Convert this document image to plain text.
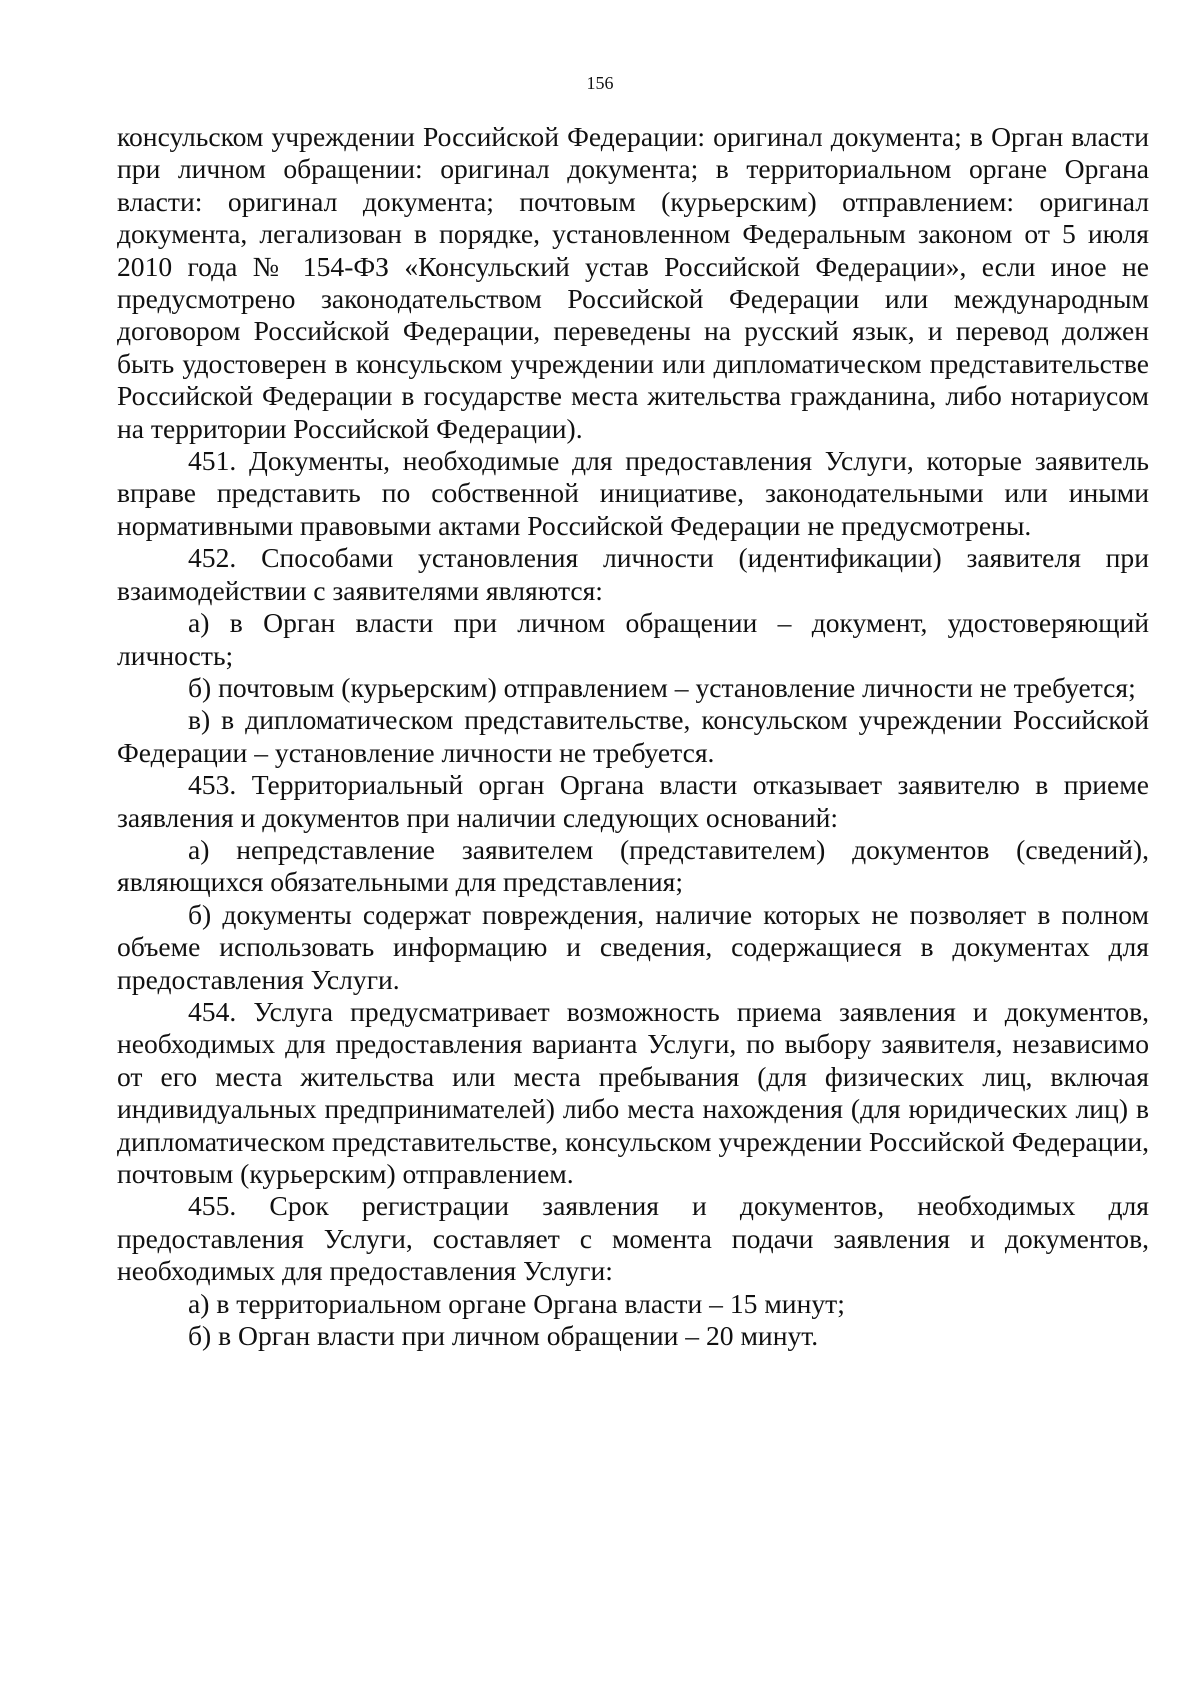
156

консульском учреждении Российской Федерации: оригинал документа; в Орган власти при личном обращении: оригинал документа; в территориальном органе Органа власти: оригинал документа; почтовым (курьерским) отправлением: оригинал документа, легализован в порядке, установленном Федеральным законом от 5 июля 2010 года № 154-ФЗ «Консульский устав Российской Федерации», если иное не предусмотрено законодательством Российской Федерации или международным договором Российской Федерации, переведены на русский язык, и перевод должен быть удостоверен в консульском учреждении или дипломатическом представительстве Российской Федерации в государстве места жительства гражданина, либо нотариусом на территории Российской Федерации).

451. Документы, необходимые для предоставления Услуги, которые заявитель вправе представить по собственной инициативе, законодательными или иными нормативными правовыми актами Российской Федерации не предусмотрены.

452. Способами установления личности (идентификации) заявителя при взаимодействии с заявителями являются:

а) в Орган власти при личном обращении – документ, удостоверяющий личность;

б) почтовым (курьерским) отправлением – установление личности не требуется;

в) в дипломатическом представительстве, консульском учреждении Российской Федерации – установление личности не требуется.

453. Территориальный орган Органа власти отказывает заявителю в приеме заявления и документов при наличии следующих оснований:

а) непредставление заявителем (представителем) документов (сведений), являющихся обязательными для представления;

б) документы содержат повреждения, наличие которых не позволяет в полном объеме использовать информацию и сведения, содержащиеся в документах для предоставления Услуги.

454. Услуга предусматривает возможность приема заявления и документов, необходимых для предоставления варианта Услуги, по выбору заявителя, независимо от его места жительства или места пребывания (для физических лиц, включая индивидуальных предпринимателей) либо места нахождения (для юридических лиц) в дипломатическом представительстве, консульском учреждении Российской Федерации, почтовым (курьерским) отправлением.

455. Срок регистрации заявления и документов, необходимых для предоставления Услуги, составляет с момента подачи заявления и документов, необходимых для предоставления Услуги:

а) в территориальном органе Органа власти – 15 минут;

б) в Орган власти при личном обращении – 20 минут.
